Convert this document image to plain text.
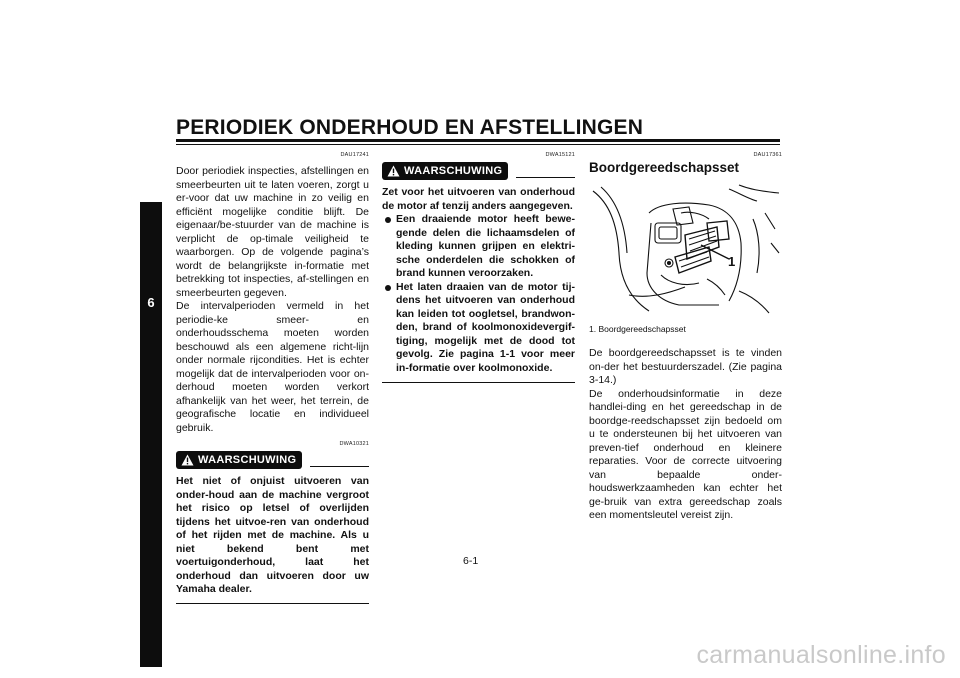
PERIODIEK ONDERHOUD EN AFSTELLINGEN
6
DAU17241

Door periodiek inspecties, afstellingen en smeerbeurten uit te laten voeren, zorgt u er-voor dat uw machine in zo veilig en efficiënt mogelijke conditie blijft. De eigenaar/be-stuurder van de machine is verplicht de op-timale veiligheid te waarborgen. Op de volgende pagina’s wordt de belangrijkste in-formatie met betrekking tot inspecties, af-stellingen en smeerbeurten gegeven.

De intervalperioden vermeld in het periodie-ke smeer- en onderhoudsschema moeten worden beschouwd als een algemene richt-lijn onder normale rijcondities. Het is echter mogelijk dat de intervalperioden voor on-derhoud moeten worden verkort afhankelijk van het weer, het terrein, de geografische locatie en individueel gebruik.

DWA10321
WAARSCHUWING

Het niet of onjuist uitvoeren van onder-houd aan de machine vergroot het risico op letsel of overlijden tijdens het uitvoe-ren van onderhoud of het rijden met de machine. Als u niet bekend bent met voertuigonderhoud, laat het onderhoud dan uitvoeren door uw Yamaha dealer.

DWA15121
WAARSCHUWING

Zet voor het uitvoeren van onderhoud de motor af tenzij anders aangegeven.

Een draaiende motor heeft bewe-gende delen die lichaamsdelen of kleding kunnen grijpen en elektri-sche onderdelen die schokken of brand kunnen veroorzaken.
Het laten draaien van de motor tij-dens het uitvoeren van onderhoud kan leiden tot oogletsel, brandwon-den, brand of koolmonoxidevergif-tiging, mogelijk met de dood tot gevolg. Zie pagina 1-1 voor meer in-formatie over koolmonoxide.
DAU17361
Boordgereedschapsset
1
1. Boordgereedschapsset

De boordgereedschapsset is te vinden on-der het bestuurderszadel. (Zie pagina 3-14.)

De onderhoudsinformatie in deze handlei-ding en het gereedschap in de boordge-reedschapsset zijn bedoeld om u te ondersteunen bij het uitvoeren van preven-tief onderhoud en kleinere reparaties. Voor de correcte uitvoering van bepaalde onder-houdswerkzaamheden kan echter het ge-bruik van extra gereedschap zoals een momentsleutel vereist zijn.

6-1
carmanualsonline.info
